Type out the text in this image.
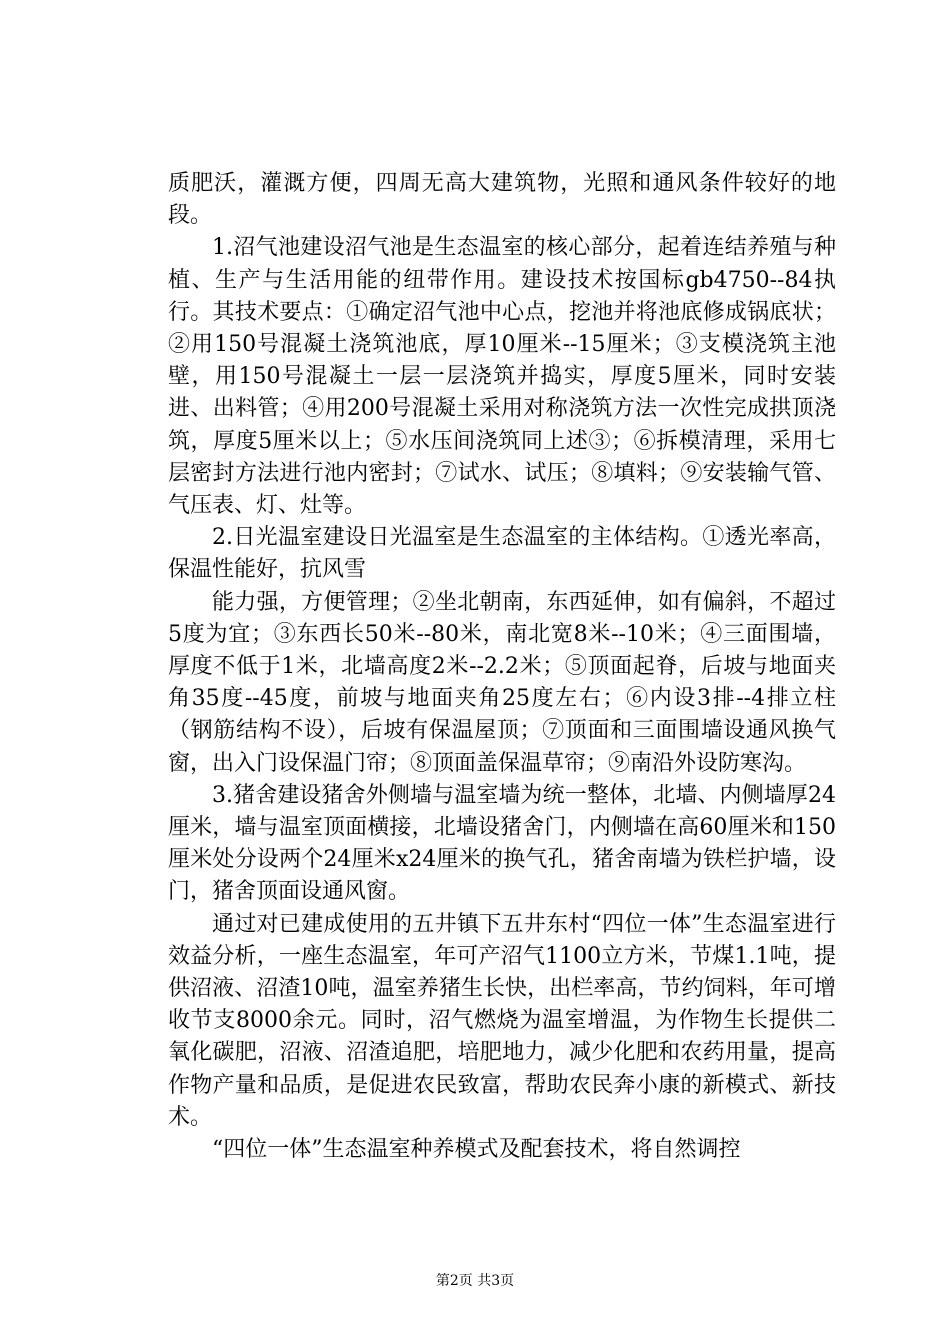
质肥沃，灌溉方便，四周无高大建筑物，光照和通风条件较好的地段。

1.沼气池建设沼气池是生态温室的核心部分，起着连结养殖与种植、生产与生活用能的纽带作用。建设技术按国标gb4750--84执行。其技术要点：①确定沼气池中心点，挖池并将池底修成锅底状；②用150号混凝土浇筑池底，厚10厘米--15厘米；③支模浇筑主池壁，用150号混凝土一层一层浇筑并捣实，厚度5厘米，同时安装进、出料管；④用200号混凝土采用对称浇筑方法一次性完成拱顶浇筑，厚度5厘米以上；⑤水压间浇筑同上述③；⑥拆模清理，采用七层密封方法进行池内密封；⑦试水、试压；⑧填料；⑨安装输气管、气压表、灯、灶等。

2.日光温室建设日光温室是生态温室的主体结构。①透光率高，保温性能好，抗风雪

能力强，方便管理；②坐北朝南，东西延伸，如有偏斜，不超过5度为宜；③东西长50米--80米，南北宽8米--10米；④三面围墙，厚度不低于1米，北墙高度2米--2.2米；⑤顶面起脊，后坡与地面夹角35度--45度，前坡与地面夹角25度左右；⑥内设3排--4排立柱（钢筋结构不设），后坡有保温屋顶；⑦顶面和三面围墙设通风换气窗，出入门设保温门帘；⑧顶面盖保温草帘；⑨南沿外设防寒沟。

3.猪舍建设猪舍外侧墙与温室墙为统一整体，北墙、内侧墙厚24厘米，墙与温室顶面横接，北墙设猪舍门，内侧墙在高60厘米和150厘米处分设两个24厘米x24厘米的换气孔，猪舍南墙为铁栏护墙，设门，猪舍顶面设通风窗。

通过对已建成使用的五井镇下五井东村“四位一体”生态温室进行效益分析，一座生态温室，年可产沼气1100立方米，节煤1.1吨，提供沼液、沼渣10吨，温室养猪生长快，出栏率高，节约饲料，年可增收节支8000余元。同时，沼气燃烧为温室增温，为作物生长提供二氧化碳肥，沼液、沼渣追肥，培肥地力，减少化肥和农药用量，提高作物产量和品质，是促进农民致富，帮助农民奔小康的新模式、新技术。

“四位一体”生态温室种养模式及配套技术，将自然调控

第2页 共3页
